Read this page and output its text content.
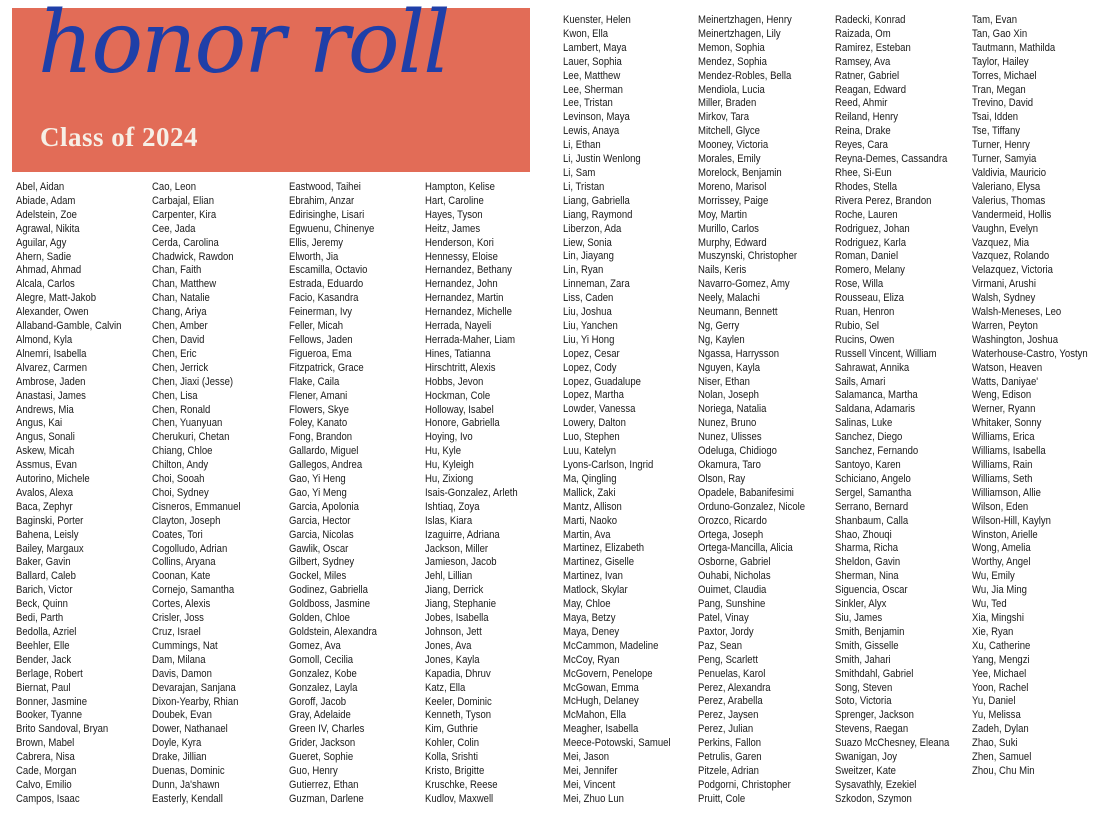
honor roll
Class of 2024
Abel, Aidan
Abiade, Adam
Adelstein, Zoe
Agrawal, Nikita
Aguilar, Agy
Ahern, Sadie
Ahmad, Ahmad
Alcala, Carlos
Alegre, Matt-Jakob
Alexander, Owen
Allaband-Gamble, Calvin
Almond, Kyla
Alnemri, Isabella
Alvarez, Carmen
Ambrose, Jaden
Anastasi, James
Andrews, Mia
Angus, Kai
Angus, Sonali
Askew, Micah
Assmus, Evan
Autorino, Michele
Avalos, Alexa
Baca, Zephyr
Baginski, Porter
Bahena, Leisly
Bailey, Margaux
Baker, Gavin
Ballard, Caleb
Barich, Victor
Beck, Quinn
Bedi, Parth
Bedolla, Azriel
Beehler, Elle
Bender, Jack
Berlage, Robert
Biernat, Paul
Bonner, Jasmine
Booker, Tyanne
Brito Sandoval, Bryan
Brown, Mabel
Cabrera, Nisa
Cade, Morgan
Calvo, Emilio
Campos, Isaac
Cao, Leon
Carbajal, Elian
Carpenter, Kira
Cee, Jada
Cerda, Carolina
Chadwick, Rawdon
Chan, Faith
Chan, Matthew
Chan, Natalie
Chang, Ariya
Chen, Amber
Chen, David
Chen, Eric
Chen, Jerrick
Chen, Jiaxi (Jesse)
Chen, Lisa
Chen, Ronald
Chen, Yuanyuan
Cherukuri, Chetan
Chiang, Chloe
Chilton, Andy
Choi, Sooah
Choi, Sydney
Cisneros, Emmanuel
Clayton, Joseph
Coates, Tori
Cogolludo, Adrian
Collins, Aryana
Coonan, Kate
Cornejo, Samantha
Cortes, Alexis
Crisler, Joss
Cruz, Israel
Cummings, Nat
Dam, Milana
Davis, Damon
Devarajan, Sanjana
Dixon-Yearby, Rhian
Doubek, Evan
Dower, Nathanael
Doyle, Kyra
Drake, Jillian
Duenas, Dominic
Dunn, Ja'shawn
Easterly, Kendall
Eastwood, Taihei
Ebrahim, Anzar
Edirisinghe, Lisari
Egwuenu, Chinenye
Ellis, Jeremy
Elworth, Jia
Escamilla, Octavio
Estrada, Eduardo
Facio, Kasandra
Feinerman, Ivy
Feller, Micah
Fellows, Jaden
Figueroa, Ema
Fitzpatrick, Grace
Flake, Caila
Flener, Amani
Flowers, Skye
Foley, Kanato
Fong, Brandon
Gallardo, Miguel
Gallegos, Andrea
Gao, Yi Heng
Gao, Yi Meng
Garcia, Apolonia
Garcia, Hector
Garcia, Nicolas
Gawlik, Oscar
Gilbert, Sydney
Gockel, Miles
Godinez, Gabriella
Goldboss, Jasmine
Golden, Chloe
Goldstein, Alexandra
Gomez, Ava
Gomoll, Cecilia
Gonzalez, Kobe
Gonzalez, Layla
Goroff, Jacob
Gray, Adelaide
Green IV, Charles
Grider, Jackson
Gueret, Sophie
Guo, Henry
Gutierrez, Ethan
Guzman, Darlene
Hampton, Kelise
Hart, Caroline
Hayes, Tyson
Heitz, James
Henderson, Kori
Hennessy, Eloise
Hernandez, Bethany
Hernandez, John
Hernandez, Martin
Hernandez, Michelle
Herrada, Nayeli
Herrada-Maher, Liam
Hines, Tatianna
Hirschtritt, Alexis
Hobbs, Jevon
Hockman, Cole
Holloway, Isabel
Honore, Gabriella
Hoying, Ivo
Hu, Kyle
Hu, Kyleigh
Hu, Zixiong
Isais-Gonzalez, Arleth
Ishtiaq, Zoya
Islas, Kiara
Izaguirre, Adriana
Jackson, Miller
Jamieson, Jacob
Jehl, Lillian
Jiang, Derrick
Jiang, Stephanie
Jobes, Isabella
Johnson, Jett
Jones, Ava
Jones, Kayla
Kapadia, Dhruv
Katz, Ella
Keeler, Dominic
Kenneth, Tyson
Kim, Guthrie
Kohler, Colin
Kolla, Srishti
Kristo, Brigitte
Kruschke, Reese
Kudlov, Maxwell
Kuenster, Helen
Kwon, Ella
Lambert, Maya
Lauer, Sophia
Lee, Matthew
Lee, Sherman
Lee, Tristan
Levinson, Maya
Lewis, Anaya
Li, Ethan
Li, Justin Wenlong
Li, Sam
Li, Tristan
Liang, Gabriella
Liang, Raymond
Liberzon, Ada
Liew, Sonia
Lin, Jiayang
Lin, Ryan
Linneman, Zara
Liss, Caden
Liu, Joshua
Liu, Yanchen
Liu, Yi Hong
Lopez, Cesar
Lopez, Cody
Lopez, Guadalupe
Lopez, Martha
Lowder, Vanessa
Lowery, Dalton
Luo, Stephen
Luu, Katelyn
Lyons-Carlson, Ingrid
Ma, Qingling
Mallick, Zaki
Mantz, Allison
Marti, Naoko
Martin, Ava
Martinez, Elizabeth
Martinez, Giselle
Martinez, Ivan
Matlock, Skylar
May, Chloe
Maya, Betzy
Maya, Deney
McCammon, Madeline
McCoy, Ryan
McGovern, Penelope
McGowan, Emma
McHugh, Delaney
McMahon, Ella
Meagher, Isabella
Meece-Potowski, Samuel
Mei, Jason
Mei, Jennifer
Mei, Vincent
Mei, Zhuo Lun
Meinertzhagen, Henry
Meinertzhagen, Lily
Memon, Sophia
Mendez, Sophia
Mendez-Robles, Bella
Mendiola, Lucia
Miller, Braden
Mirkov, Tara
Mitchell, Glyce
Mooney, Victoria
Morales, Emily
Morelock, Benjamin
Moreno, Marisol
Morrissey, Paige
Moy, Martin
Murillo, Carlos
Murphy, Edward
Muszynski, Christopher
Nails, Keris
Navarro-Gomez, Amy
Neely, Malachi
Neumann, Bennett
Ng, Gerry
Ng, Kaylen
Ngassa, Harrysson
Nguyen, Kayla
Niser, Ethan
Nolan, Joseph
Noriega, Natalia
Nunez, Bruno
Nunez, Ulisses
Odeluga, Chidiogo
Okamura, Taro
Olson, Ray
Opadele, Babanifesimi
Orduno-Gonzalez, Nicole
Orozco, Ricardo
Ortega, Joseph
Ortega-Mancilla, Alicia
Osborne, Gabriel
Ouhabi, Nicholas
Ouimet, Claudia
Pang, Sunshine
Patel, Vinay
Paxtor, Jordy
Paz, Sean
Peng, Scarlett
Penuelas, Karol
Perez, Alexandra
Perez, Arabella
Perez, Jaysen
Perez, Julian
Perkins, Fallon
Petrulis, Garen
Pitzele, Adrian
Podgorni, Christopher
Pruitt, Cole
Radecki, Konrad
Raizada, Om
Ramirez, Esteban
Ramsey, Ava
Ratner, Gabriel
Reagan, Edward
Reed, Ahmir
Reiland, Henry
Reina, Drake
Reyes, Cara
Reyna-Demes, Cassandra
Rhee, Si-Eun
Rhodes, Stella
Rivera Perez, Brandon
Roche, Lauren
Rodriguez, Johan
Rodriguez, Karla
Roman, Daniel
Romero, Melany
Rose, Willa
Rousseau, Eliza
Ruan, Henron
Rubio, Sel
Rucins, Owen
Russell Vincent, William
Sahrawat, Annika
Sails, Amari
Salamanca, Martha
Saldana, Adamaris
Salinas, Luke
Sanchez, Diego
Sanchez, Fernando
Santoyo, Karen
Schiciano, Angelo
Sergel, Samantha
Serrano, Bernard
Shanbaum, Calla
Shao, Zhouqi
Sharma, Richa
Sheldon, Gavin
Sherman, Nina
Siguencia, Oscar
Sinkler, Alyx
Siu, James
Smith, Benjamin
Smith, Gisselle
Smith, Jahari
Smithdahl, Gabriel
Song, Steven
Soto, Victoria
Sprenger, Jackson
Stevens, Raegan
Suazo McChesney, Eleana
Swanigan, Joy
Sweitzer, Kate
Sysavathly, Ezekiel
Szkodon, Szymon
Tam, Evan
Tan, Gao Xin
Tautmann, Mathilda
Taylor, Hailey
Torres, Michael
Tran, Megan
Trevino, David
Tsai, Idden
Tse, Tiffany
Turner, Henry
Turner, Samyia
Valdivia, Mauricio
Valeriano, Elysa
Valerius, Thomas
Vandermeid, Hollis
Vaughn, Evelyn
Vazquez, Mia
Vazquez, Rolando
Velazquez, Victoria
Virmani, Arushi
Walsh, Sydney
Walsh-Meneses, Leo
Warren, Peyton
Washington, Joshua
Waterhouse-Castro, Yostyn
Watson, Heaven
Watts, Daniyae'
Weng, Edison
Werner, Ryann
Whitaker, Sonny
Williams, Erica
Williams, Isabella
Williams, Rain
Williams, Seth
Williamson, Allie
Wilson, Eden
Wilson-Hill, Kaylyn
Winston, Arielle
Wong, Amelia
Worthy, Angel
Wu, Emily
Wu, Jia Ming
Wu, Ted
Xia, Mingshi
Xie, Ryan
Xu, Catherine
Yang, Mengzi
Yee, Michael
Yoon, Rachel
Yu, Daniel
Yu, Melissa
Zadeh, Dylan
Zhao, Suki
Zhen, Samuel
Zhou, Chu Min
